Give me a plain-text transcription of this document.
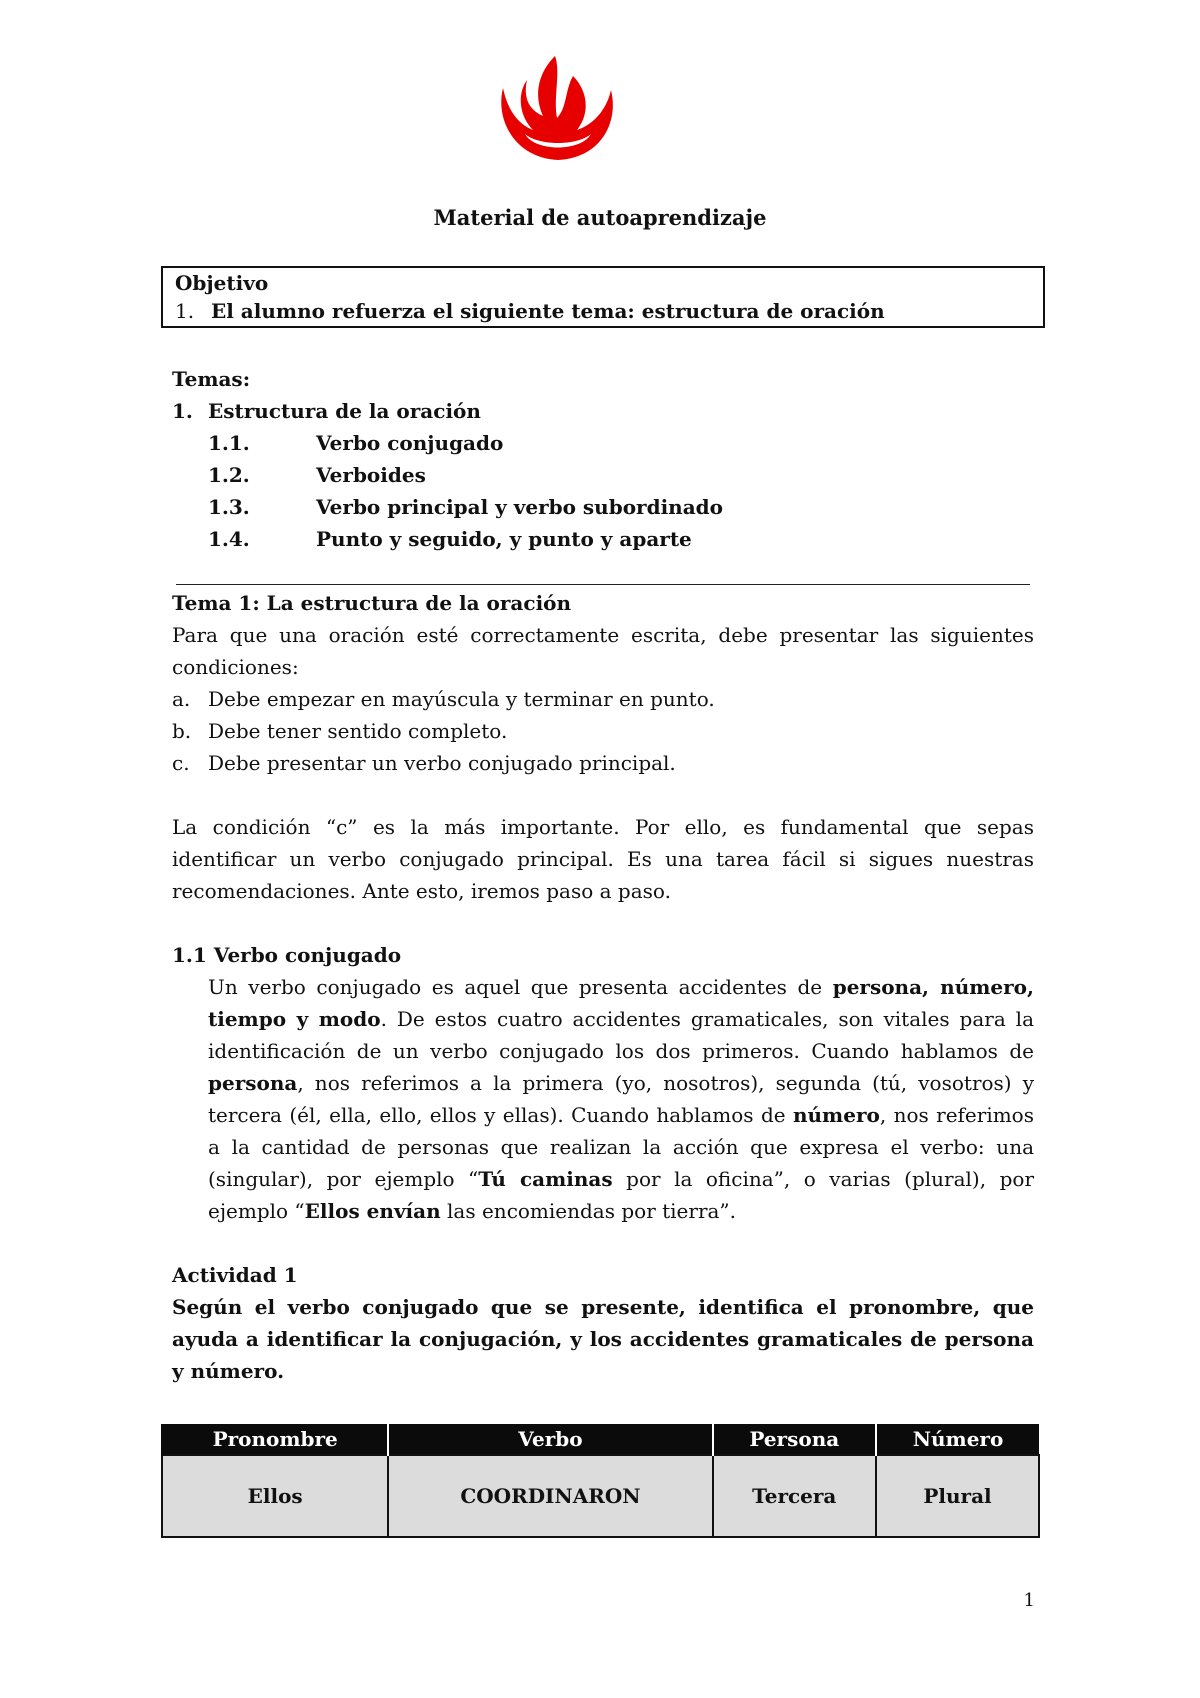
Material de autoaprendizaje
Objetivo
1. El alumno refuerza el siguiente tema: estructura de oración
Temas:
1. Estructura de la oración
1.1.	Verbo conjugado
1.2.	Verboides
1.3.	Verbo principal y verbo subordinado
1.4.	Punto y seguido, y punto y aparte
Tema 1: La estructura de la oración

Para que una oración esté correctamente escrita, debe presentar las siguientes condiciones:

a. Debe empezar en mayúscula y terminar en punto.
b. Debe tener sentido completo.
c. Debe presentar un verbo conjugado principal.

La condición “c” es la más importante. Por ello, es fundamental que sepas identificar un verbo conjugado principal. Es una tarea fácil si sigues nuestras recomendaciones. Ante esto, iremos paso a paso.

1.1 Verbo conjugado
Un verbo conjugado es aquel que presenta accidentes de persona, número, tiempo y modo. De estos cuatro accidentes gramaticales, son vitales para la identificación de un verbo conjugado los dos primeros. Cuando hablamos de persona, nos referimos a la primera (yo, nosotros), segunda (tú, vosotros) y tercera (él, ella, ello, ellos y ellas). Cuando hablamos de número, nos referimos a la cantidad de personas que realizan la acción que expresa el verbo: una (singular), por ejemplo “Tú caminas por la oficina”, o varias (plural), por ejemplo “Ellos envían las encomiendas por tierra”.
Actividad 1

Según el verbo conjugado que se presente, identifica el pronombre, que ayuda a identificar la conjugación, y los accidentes gramaticales de persona y número.

Pronombre	Verbo	Persona	Número
Ellos	COORDINARON	Tercera	Plural
1
